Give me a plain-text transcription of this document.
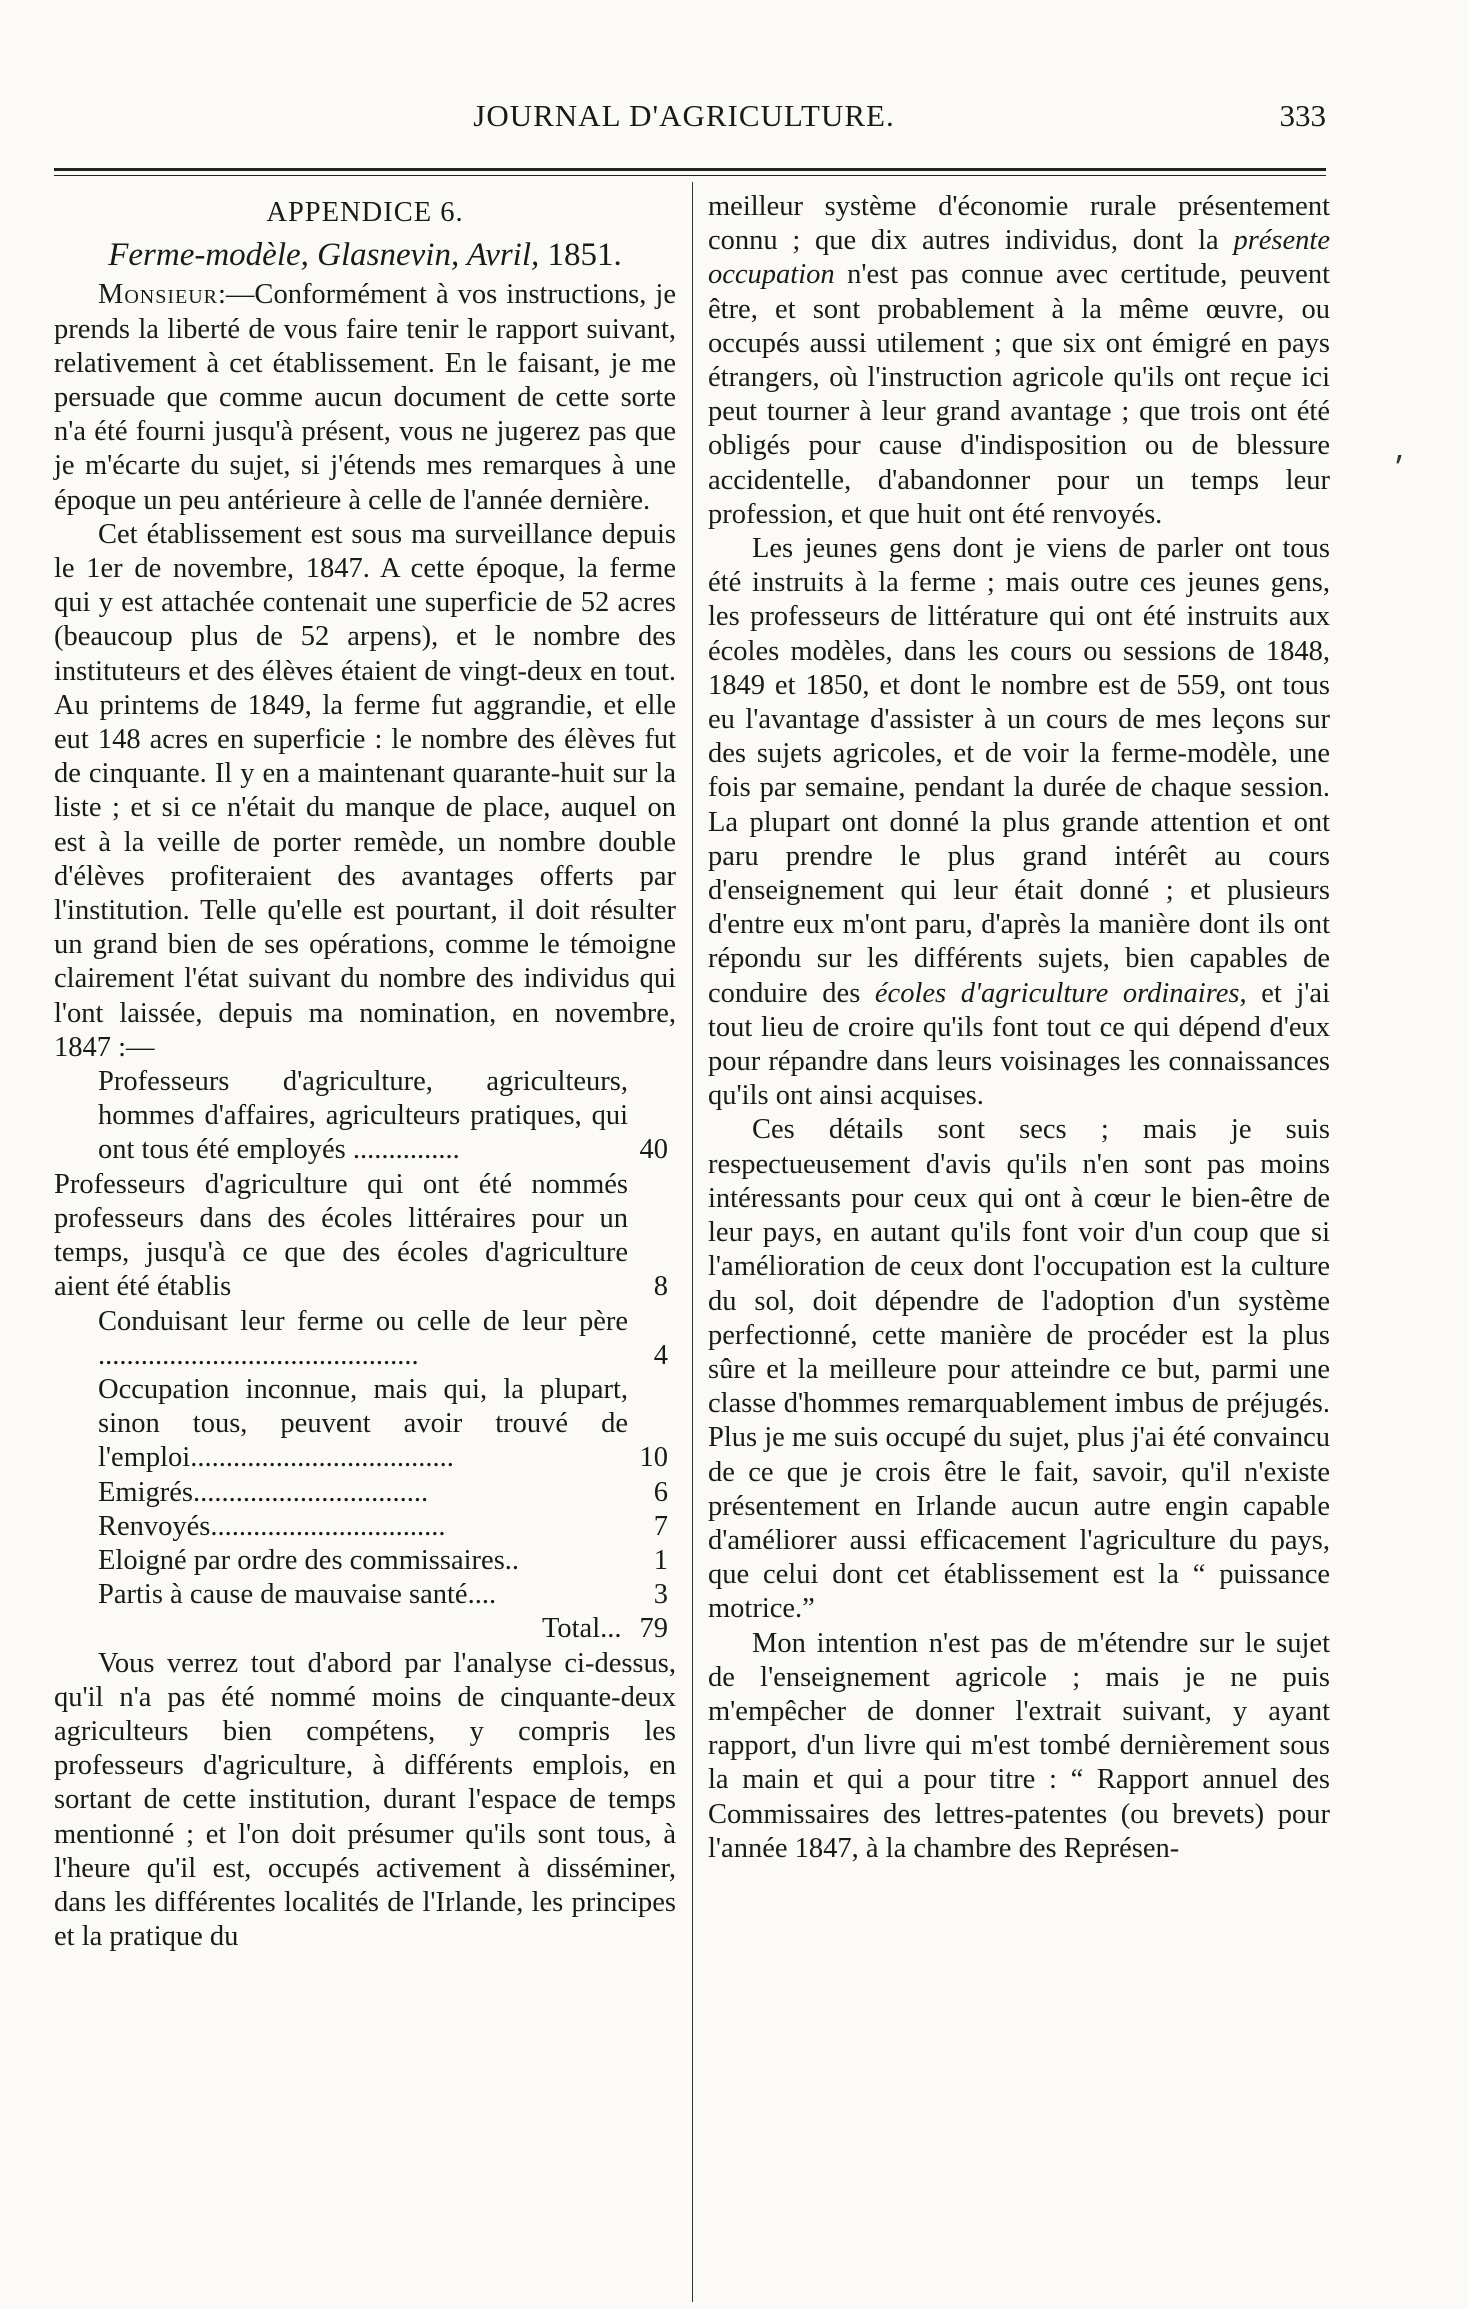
JOURNAL D'AGRICULTURE.	333
APPENDICE 6.
Ferme-modèle, Glasnevin, Avril, 1851.

Monsieur:—Conformément à vos instructions, je prends la liberté de vous faire tenir le rapport suivant, relativement à cet établissement. En le faisant, je me persuade que comme aucun document de cette sorte n'a été fourni jusqu'à présent, vous ne jugerez pas que je m'écarte du sujet, si j'étends mes remarques à une époque un peu antérieure à celle de l'année dernière.

Cet établissement est sous ma surveillance depuis le 1er de novembre, 1847. A cette époque, la ferme qui y est attachée contenait une superficie de 52 acres (beaucoup plus de 52 arpens), et le nombre des instituteurs et des élèves étaient de vingt-deux en tout. Au printems de 1849, la ferme fut aggrandie, et elle eut 148 acres en superficie : le nombre des élèves fut de cinquante. Il y en a maintenant quarante-huit sur la liste ; et si ce n'était du manque de place, auquel on est à la veille de porter remède, un nombre double d'élèves profiteraient des avantages offerts par l'institution. Telle qu'elle est pourtant, il doit résulter un grand bien de ses opérations, comme le témoigne clairement l'état suivant du nombre des individus qui l'ont laissée, depuis ma nomination, en novembre, 1847 :—

Professeurs d'agriculture, agriculteurs, hommes d'affaires, agriculteurs pratiques, qui ont tous été employés ...............	40
Professeurs d'agriculture qui ont été nommés professeurs dans des écoles littéraires pour un temps, jusqu'à ce que des écoles d'agriculture aient été établis	8
Conduisant leur ferme ou celle de leur père .............................................	4
Occupation inconnue, mais qui, la plupart, sinon tous, peuvent avoir trouvé de l'emploi.....................................	10
Emigrés.................................	6
Renvoyés.................................	7
Eloigné par ordre des commissaires..	1
Partis à cause de mauvaise santé....	3
Total... 79

Vous verrez tout d'abord par l'analyse ci-dessus, qu'il n'a pas été nommé moins de cinquante-deux agriculteurs bien compétens, y compris les professeurs d'agriculture, à différents emplois, en sortant de cette institution, durant l'espace de temps mentionné ; et l'on doit présumer qu'ils sont tous, à l'heure qu'il est, occupés activement à disséminer, dans les différentes localités de l'Irlande, les principes et la pratique du

meilleur système d'économie rurale présentement connu ; que dix autres individus, dont la présente occupation n'est pas connue avec certitude, peuvent être, et sont probablement à la même œuvre, ou occupés aussi utilement ; que six ont émigré en pays étrangers, où l'instruction agricole qu'ils ont reçue ici peut tourner à leur grand avantage ; que trois ont été obligés pour cause d'indisposition ou de blessure accidentelle, d'abandonner pour un temps leur profession, et que huit ont été renvoyés.

Les jeunes gens dont je viens de parler ont tous été instruits à la ferme ; mais outre ces jeunes gens, les professeurs de littérature qui ont été instruits aux écoles modèles, dans les cours ou sessions de 1848, 1849 et 1850, et dont le nombre est de 559, ont tous eu l'avantage d'assister à un cours de mes leçons sur des sujets agricoles, et de voir la ferme-modèle, une fois par semaine, pendant la durée de chaque session. La plupart ont donné la plus grande attention et ont paru prendre le plus grand intérêt au cours d'enseignement qui leur était donné ; et plusieurs d'entre eux m'ont paru, d'après la manière dont ils ont répondu sur les différents sujets, bien capables de conduire des écoles d'agriculture ordinaires, et j'ai tout lieu de croire qu'ils font tout ce qui dépend d'eux pour répandre dans leurs voisinages les connaissances qu'ils ont ainsi acquises.

Ces détails sont secs ; mais je suis respectueusement d'avis qu'ils n'en sont pas moins intéressants pour ceux qui ont à cœur le bien-être de leur pays, en autant qu'ils font voir d'un coup que si l'amélioration de ceux dont l'occupation est la culture du sol, doit dépendre de l'adoption d'un système perfectionné, cette manière de procéder est la plus sûre et la meilleure pour atteindre ce but, parmi une classe d'hommes remarquablement imbus de préjugés. Plus je me suis occupé du sujet, plus j'ai été convaincu de ce que je crois être le fait, savoir, qu'il n'existe présentement en Irlande aucun autre engin capable d'améliorer aussi efficacement l'agriculture du pays, que celui dont cet établissement est la “ puissance motrice.”

Mon intention n'est pas de m'étendre sur le sujet de l'enseignement agricole ; mais je ne puis m'empêcher de donner l'extrait suivant, y ayant rapport, d'un livre qui m'est tombé dernièrement sous la main et qui a pour titre : “ Rapport annuel des Commissaires des lettres-patentes (ou brevets) pour l'année 1847, à la chambre des Représen-

⸴
